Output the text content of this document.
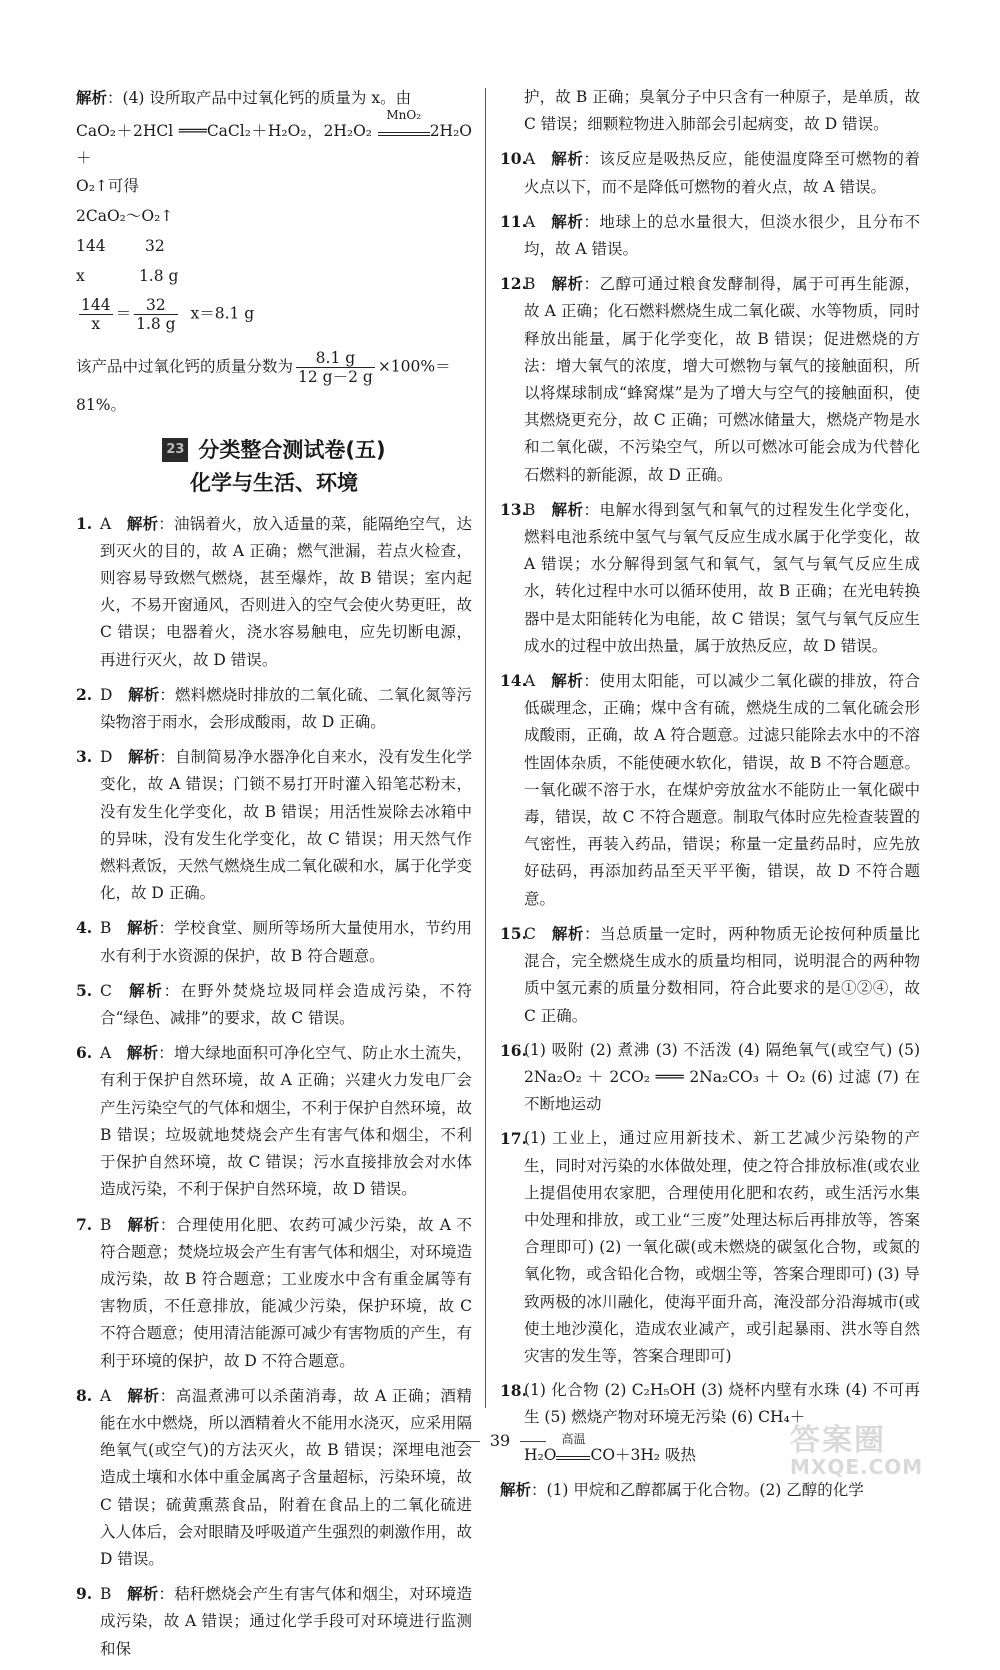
解析：(4) 设所取产品中过氧化钙的质量为 x。由

CaO₂＋2HCl ═══CaCl₂＋H₂O₂，2H₂O₂
MnO₂
2H₂O＋

O₂↑可得

2CaO₂～O₂↑

144        32

x           1.8 g

$\frac{144}{x} = \frac{32}{1.8 g} x=8.1$ g

该产品中过氧化钙的质量分数为 $\frac{8.1 g}{12 g-2 g} \times 100\%=$

81%。

23 分类整合测试卷(五)
化学与生活、环境
1. A  解析：油锅着火，放入适量的菜，能隔绝空气，达到灭火的目的，故 A 正确；燃气泄漏，若点火检查，则容易导致燃气燃烧，甚至爆炸，故 B 错误；室内起火，不易开窗通风，否则进入的空气会使火势更旺，故 C 错误；电器着火，浇水容易触电，应先切断电源，再进行灭火，故 D 错误。
2. D  解析：燃料燃烧时排放的二氧化硫、二氧化氮等污染物溶于雨水，会形成酸雨，故 D 正确。
3. D  解析：自制简易净水器净化自来水，没有发生化学变化，故 A 错误；门锁不易打开时灌入铅笔芯粉末，没有发生化学变化，故 B 错误；用活性炭除去冰箱中的异味，没有发生化学变化，故 C 错误；用天然气作燃料煮饭，天然气燃烧生成二氧化碳和水，属于化学变化，故 D 正确。
4. B  解析：学校食堂、厕所等场所大量使用水，节约用水有利于水资源的保护，故 B 符合题意。
5. C  解析：在野外焚烧垃圾同样会造成污染，不符合“绿色、减排”的要求，故 C 错误。
6. A  解析：增大绿地面积可净化空气、防止水土流失，有利于保护自然环境，故 A 正确；兴建火力发电厂会产生污染空气的气体和烟尘，不利于保护自然环境，故 B 错误；垃圾就地焚烧会产生有害气体和烟尘，不利于保护自然环境，故 C 错误；污水直接排放会对水体造成污染，不利于保护自然环境，故 D 错误。
7. B  解析：合理使用化肥、农药可减少污染，故 A 不符合题意；焚烧垃圾会产生有害气体和烟尘，对环境造成污染，故 B 符合题意；工业废水中含有重金属等有害物质，不任意排放，能减少污染，保护环境，故 C 不符合题意；使用清洁能源可减少有害物质的产生，有利于环境的保护，故 D 不符合题意。
8. A  解析：高温煮沸可以杀菌消毒，故 A 正确；酒精能在水中燃烧，所以酒精着火不能用水浇灭，应采用隔绝氧气(或空气)的方法灭火，故 B 错误；深埋电池会造成土壤和水体中重金属离子含量超标，污染环境，故 C 错误；硫黄熏蒸食品，附着在食品上的二氧化硫进入人体后，会对眼睛及呼吸道产生强烈的刺激作用，故 D 错误。
9. B  解析：秸秆燃烧会产生有害气体和烟尘，对环境造成污染，故 A 错误；通过化学手段可对环境进行监测和保

护，故 B 正确；臭氧分子中只含有一种原子，是单质，故 C 错误；细颗粒物进入肺部会引起病变，故 D 错误。

10.
A  解析：该反应是吸热反应，能使温度降至可燃物的着火点以下，而不是降低可燃物的着火点，故 A 错误。
11.
A  解析：地球上的总水量很大，但淡水很少，且分布不均，故 A 错误。
12.
B  解析：乙醇可通过粮食发酵制得，属于可再生能源，故 A 正确；化石燃料燃烧生成二氧化碳、水等物质，同时释放出能量，属于化学变化，故 B 错误；促进燃烧的方法：增大氧气的浓度，增大可燃物与氧气的接触面积，所以将煤球制成“蜂窝煤”是为了增大与空气的接触面积，使其燃烧更充分，故 C 正确；可燃冰储量大，燃烧产物是水和二氧化碳，不污染空气，所以可燃冰可能会成为代替化石燃料的新能源，故 D 正确。
13.
B  解析：电解水得到氢气和氧气的过程发生化学变化，燃料电池系统中氢气与氧气反应生成水属于化学变化，故 A 错误；水分解得到氢气和氧气，氢气与氧气反应生成水，转化过程中水可以循环使用，故 B 正确；在光电转换器中是太阳能转化为电能，故 C 错误；氢气与氧气反应生成水的过程中放出热量，属于放热反应，故 D 错误。
14.
A  解析：使用太阳能，可以减少二氧化碳的排放，符合低碳理念，正确；煤中含有硫，燃烧生成的二氧化硫会形成酸雨，正确，故 A 符合题意。过滤只能除去水中的不溶性固体杂质，不能使硬水软化，错误，故 B 不符合题意。一氧化碳不溶于水，在煤炉旁放盆水不能防止一氧化碳中毒，错误，故 C 不符合题意。制取气体时应先检查装置的气密性，再装入药品，错误；称量一定量药品时，应先放好砝码，再添加药品至天平平衡，错误，故 D 不符合题意。
15.
C  解析：当总质量一定时，两种物质无论按何种质量比混合，完全燃烧生成水的质量均相同，说明混合的两种物质中氢元素的质量分数相同，符合此要求的是①②④，故 C 正确。
16.
(1) 吸附 (2) 煮沸 (3) 不活泼 (4) 隔绝氧气(或空气) (5) 2Na₂O₂ ＋ 2CO₂ ═══ 2Na₂CO₃ ＋ O₂ (6) 过滤 (7) 在不断地运动
17.
(1) 工业上，通过应用新技术、新工艺减少污染物的产生，同时对污染的水体做处理，使之符合排放标准(或农业上提倡使用农家肥，合理使用化肥和农药，或生活污水集中处理和排放，或工业“三废”处理达标后再排放等，答案合理即可) (2) 一氧化碳(或未燃烧的碳氢化合物，或氮的氧化物，或含铅化合物，或烟尘等，答案合理即可) (3) 导致两极的冰川融化，使海平面升高，淹没部分沿海城市(或使土地沙漠化，造成农业减产，或引起暴雨、洪水等自然灾害的发生等，答案合理即可)
18.
(1) 化合物 (2) C₂H₅OH (3) 烧杯内壁有水珠 (4) 不可再生 (5) 燃烧产物对环境无污染 (6) CH₄＋
H₂O
高温
CO＋3H₂ 吸热

解析：(1) 甲烷和乙醇都属于化合物。(2) 乙醇的化学

39	答案圈
MXQE.COM
